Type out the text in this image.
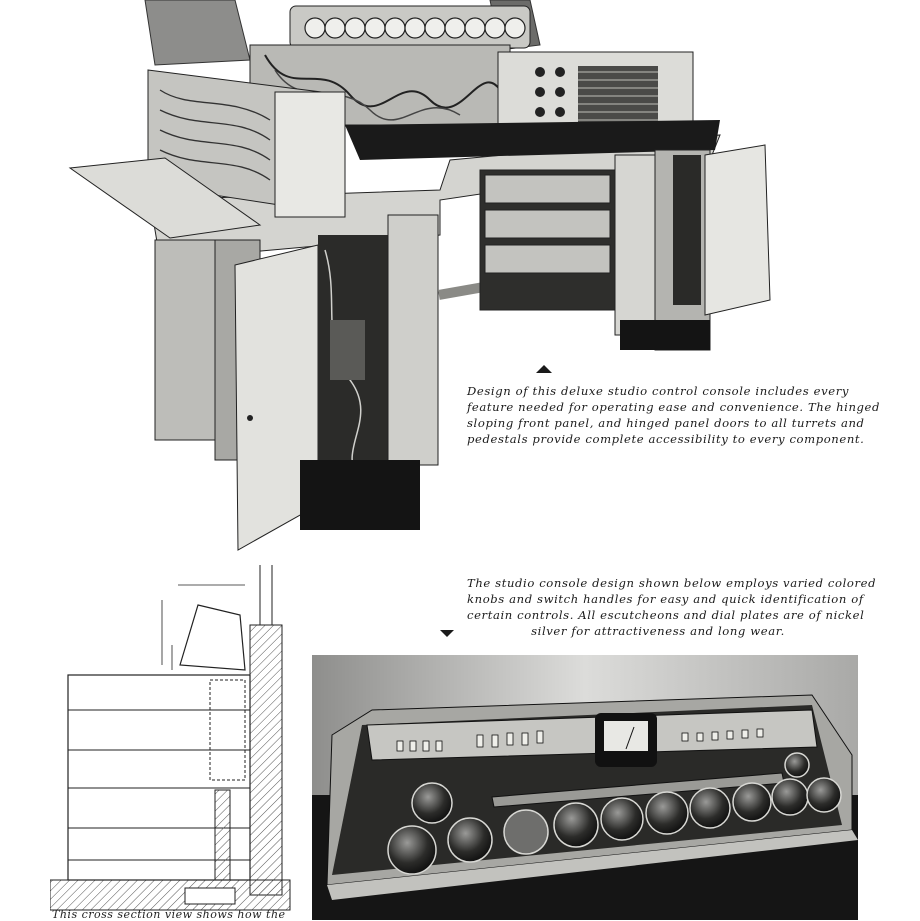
Design of this deluxe studio control console includes every
feature needed for operating ease and convenience. The hinged
sloping front panel, and hinged panel doors to all turrets and
pedestals provide complete accessibility to every component.
The studio console design shown below employs varied colored
knobs and switch handles for easy and quick identification of
certain controls. All escutcheons and dial plates are of nickel
silver for attractiveness and long wear.
This cross section view shows how the
